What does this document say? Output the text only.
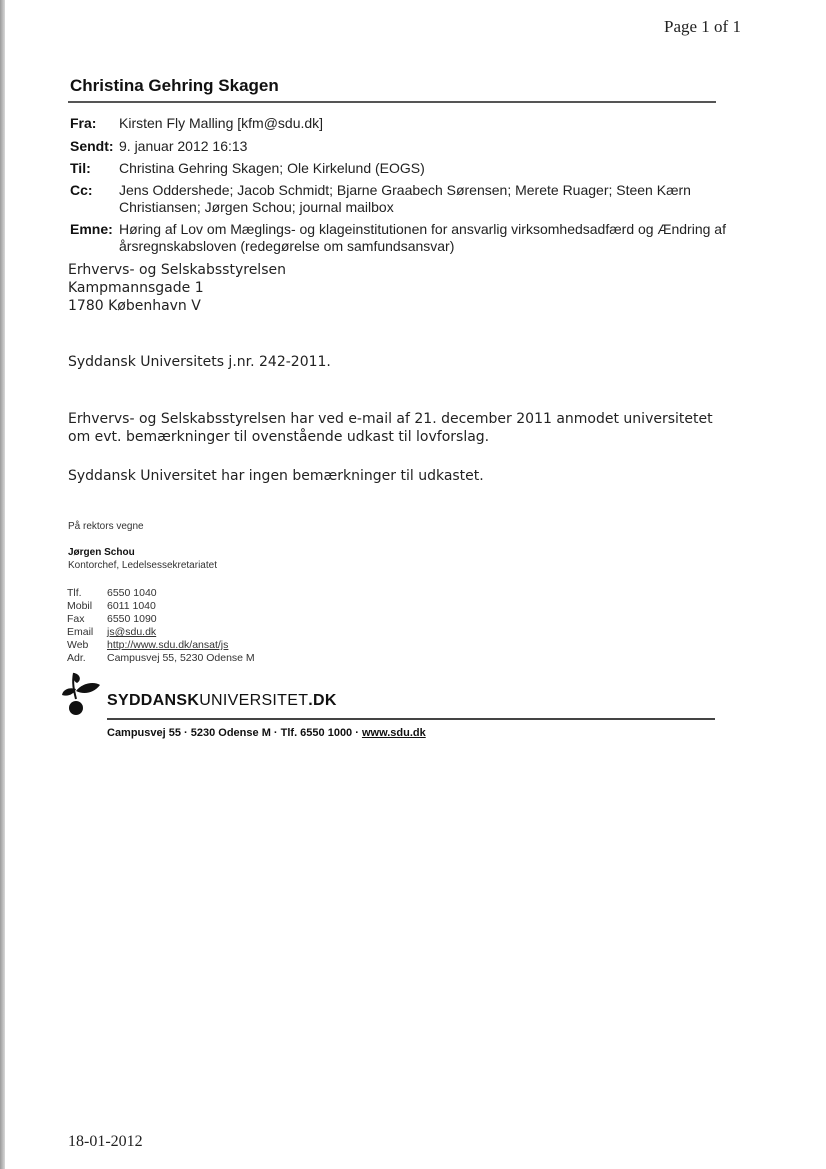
Page 1 of 1
Christina Gehring Skagen
Fra: Kirsten Fly Malling [kfm@sdu.dk]
Sendt: 9. januar 2012 16:13
Til: Christina Gehring Skagen; Ole Kirkelund (EOGS)
Cc: Jens Oddershede; Jacob Schmidt; Bjarne Graabech Sørensen; Merete Ruager; Steen Kærn Christiansen; Jørgen Schou; journal mailbox
Emne: Høring af Lov om Mæglings- og klageinstitutionen for ansvarlig virksomhedsadfærd og Ændring af årsregnskabsloven (redegørelse om samfundsansvar)
Erhvervs- og Selskabsstyrelsen
Kampmannsgade 1
1780 København V
Syddansk Universitets j.nr. 242-2011.
Erhvervs- og Selskabsstyrelsen har ved e-mail af 21. december 2011 anmodet universitetet om evt. bemærkninger til ovenstående udkast til lovforslag.
Syddansk Universitet har ingen bemærkninger til udkastet.
På rektors vegne
Jørgen Schou
Kontorchef, Ledelsessekretariatet
Tlf.	6550 1040
Mobil	6011 1040
Fax	6550 1090
Email	js@sdu.dk
Web	http://www.sdu.dk/ansat/js
Adr.	Campusvej 55, 5230 Odense M
SYDDANSKUNIVERSITET.DK
Campusvej 55 · 5230 Odense M · Tlf. 6550 1000 · www.sdu.dk
18-01-2012
